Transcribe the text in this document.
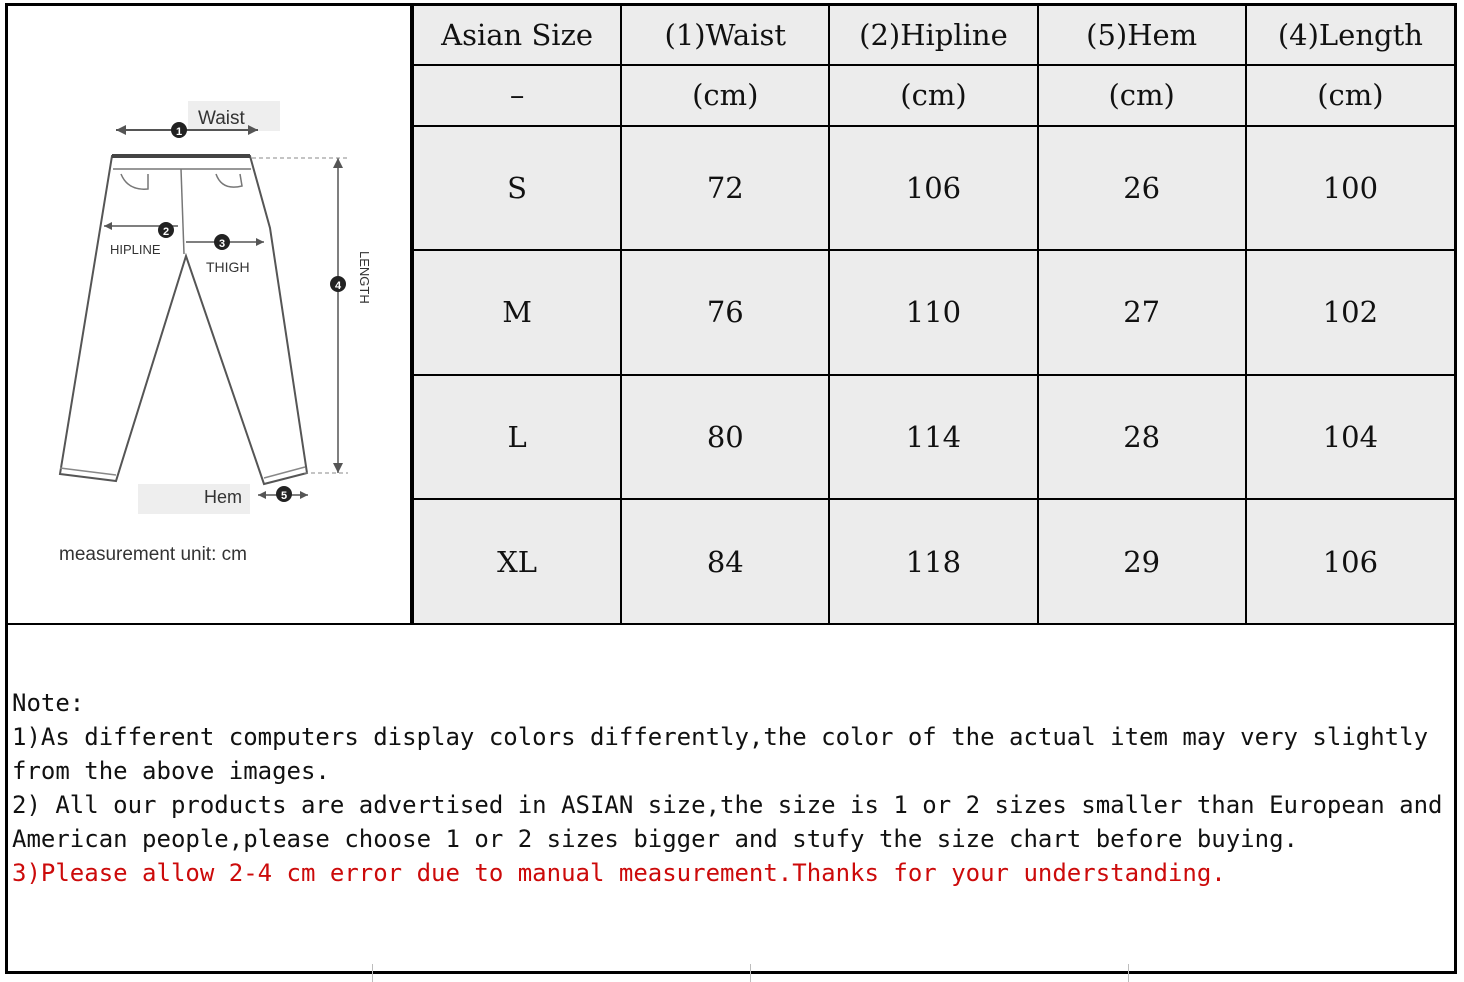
Waist
1
2
HIPLINE	3
THIGH
4 LENGTH
Hem	5
measurement unit: cm
Asian Size	(1)Waist	(2)Hipline	(5)Hem	(4)Length
–	(cm)	(cm)	(cm)	(cm)
S	72	106	26	100
M	76	110	27	102
L	80	114	28	104
XL	84	118	29	106

Note:

1)As different computers display colors differently,the color of the actual item may very slightly from the above images.

2) All our products are advertised in ASIAN size,the size is 1 or 2 sizes smaller than European and American people,please choose 1 or 2 sizes bigger and stufy the size chart before buying.

3)Please allow 2-4 cm error due to manual measurement.Thanks for your understanding.
